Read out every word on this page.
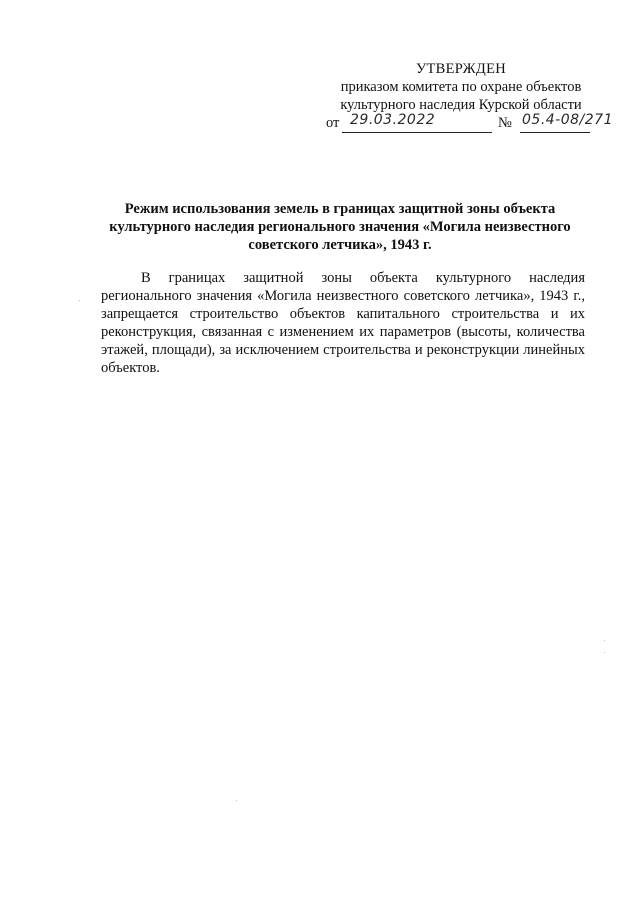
УТВЕРЖДЕН
приказом комитета по охране объектов
культурного наследия Курской области
от 29.03.2022	№ 05.4-08/271
Режим использования земель в границах защитной зоны объекта
культурного наследия регионального значения «Могила неизвестного
советского летчика», 1943 г.
В границах защитной зоны объекта культурного наследия регионального значения «Могила неизвестного советского летчика», 1943 г., запрещается строительство объектов капитального строительства и их реконструкция, связанная с изменением их параметров (высоты, количества этажей, площади), за исключением строительства и реконструкции линейных объектов.
